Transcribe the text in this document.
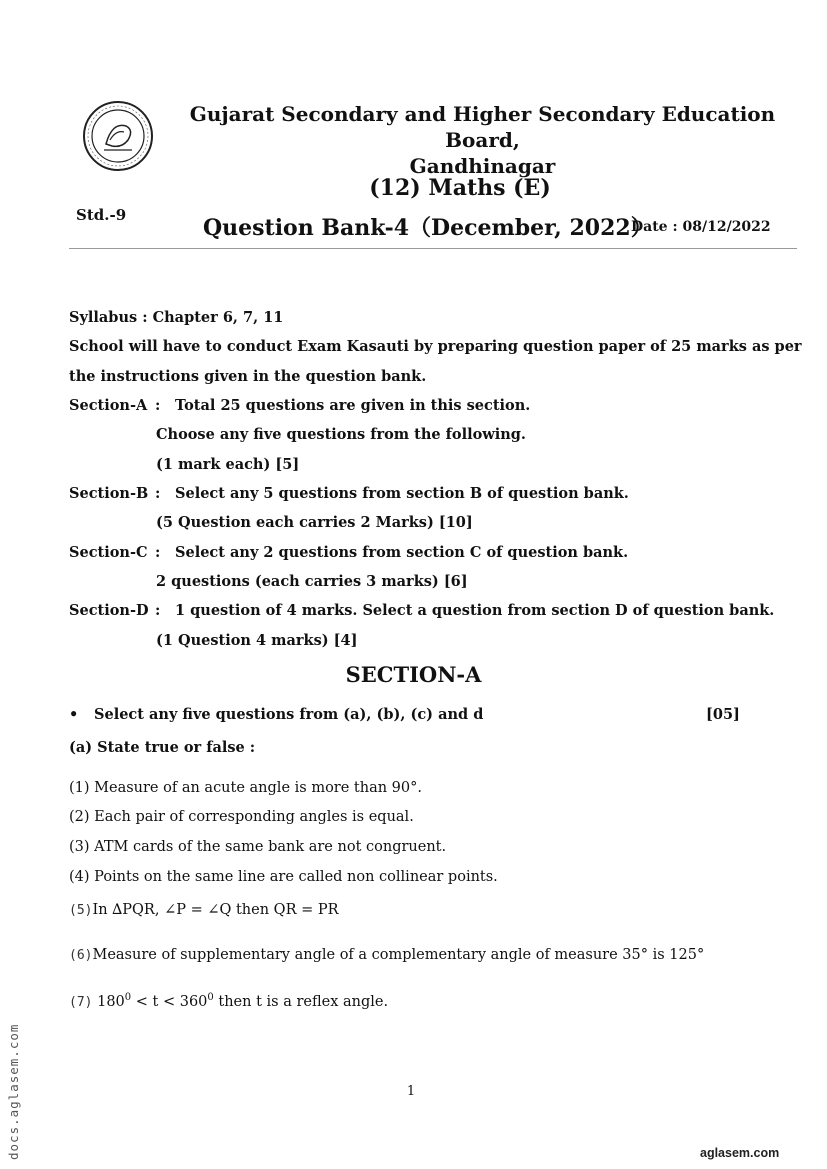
Gujarat Secondary and Higher Secondary Education Board,
Gandhinagar
(12) Maths (E)
Std.-9	Question Bank-4（December, 2022）
Date : 08/12/2022
Syllabus : Chapter 6, 7, 11
School will have to conduct Exam Kasauti by preparing question paper of 25 marks as per
the instructions given in the question bank.
Section-A : Total 25 questions are given in this section.
Choose any five questions from the following.
(1 mark each) [5]
Section-B : Select any 5 questions from section B of question bank.
(5 Question each carries 2 Marks) [10]
Section-C : Select any 2 questions from section C of question bank.
2 questions (each carries 3 marks) [6]
Section-D : 1 question of 4 marks. Select a question from section D of question bank.
(1 Question 4 marks) [4]
SECTION-A
• Select any five questions from (a), (b), (c) and d	[05]
(a) State true or false :
(1) Measure of an acute angle is more than 90°.
(2) Each pair of corresponding angles is equal.
(3) ATM cards of the same bank are not congruent.
(4) Points on the same line are called non collinear points.
(5)In ∆PQR, ∠P = ∠Q then QR = PR
(6)Measure of supplementary angle of a complementary angle of measure 35° is 125°
(7) $180^0 < t < 360^0$ then t is a reflex angle.
1
docs.aglasem.com	aglasem.com
